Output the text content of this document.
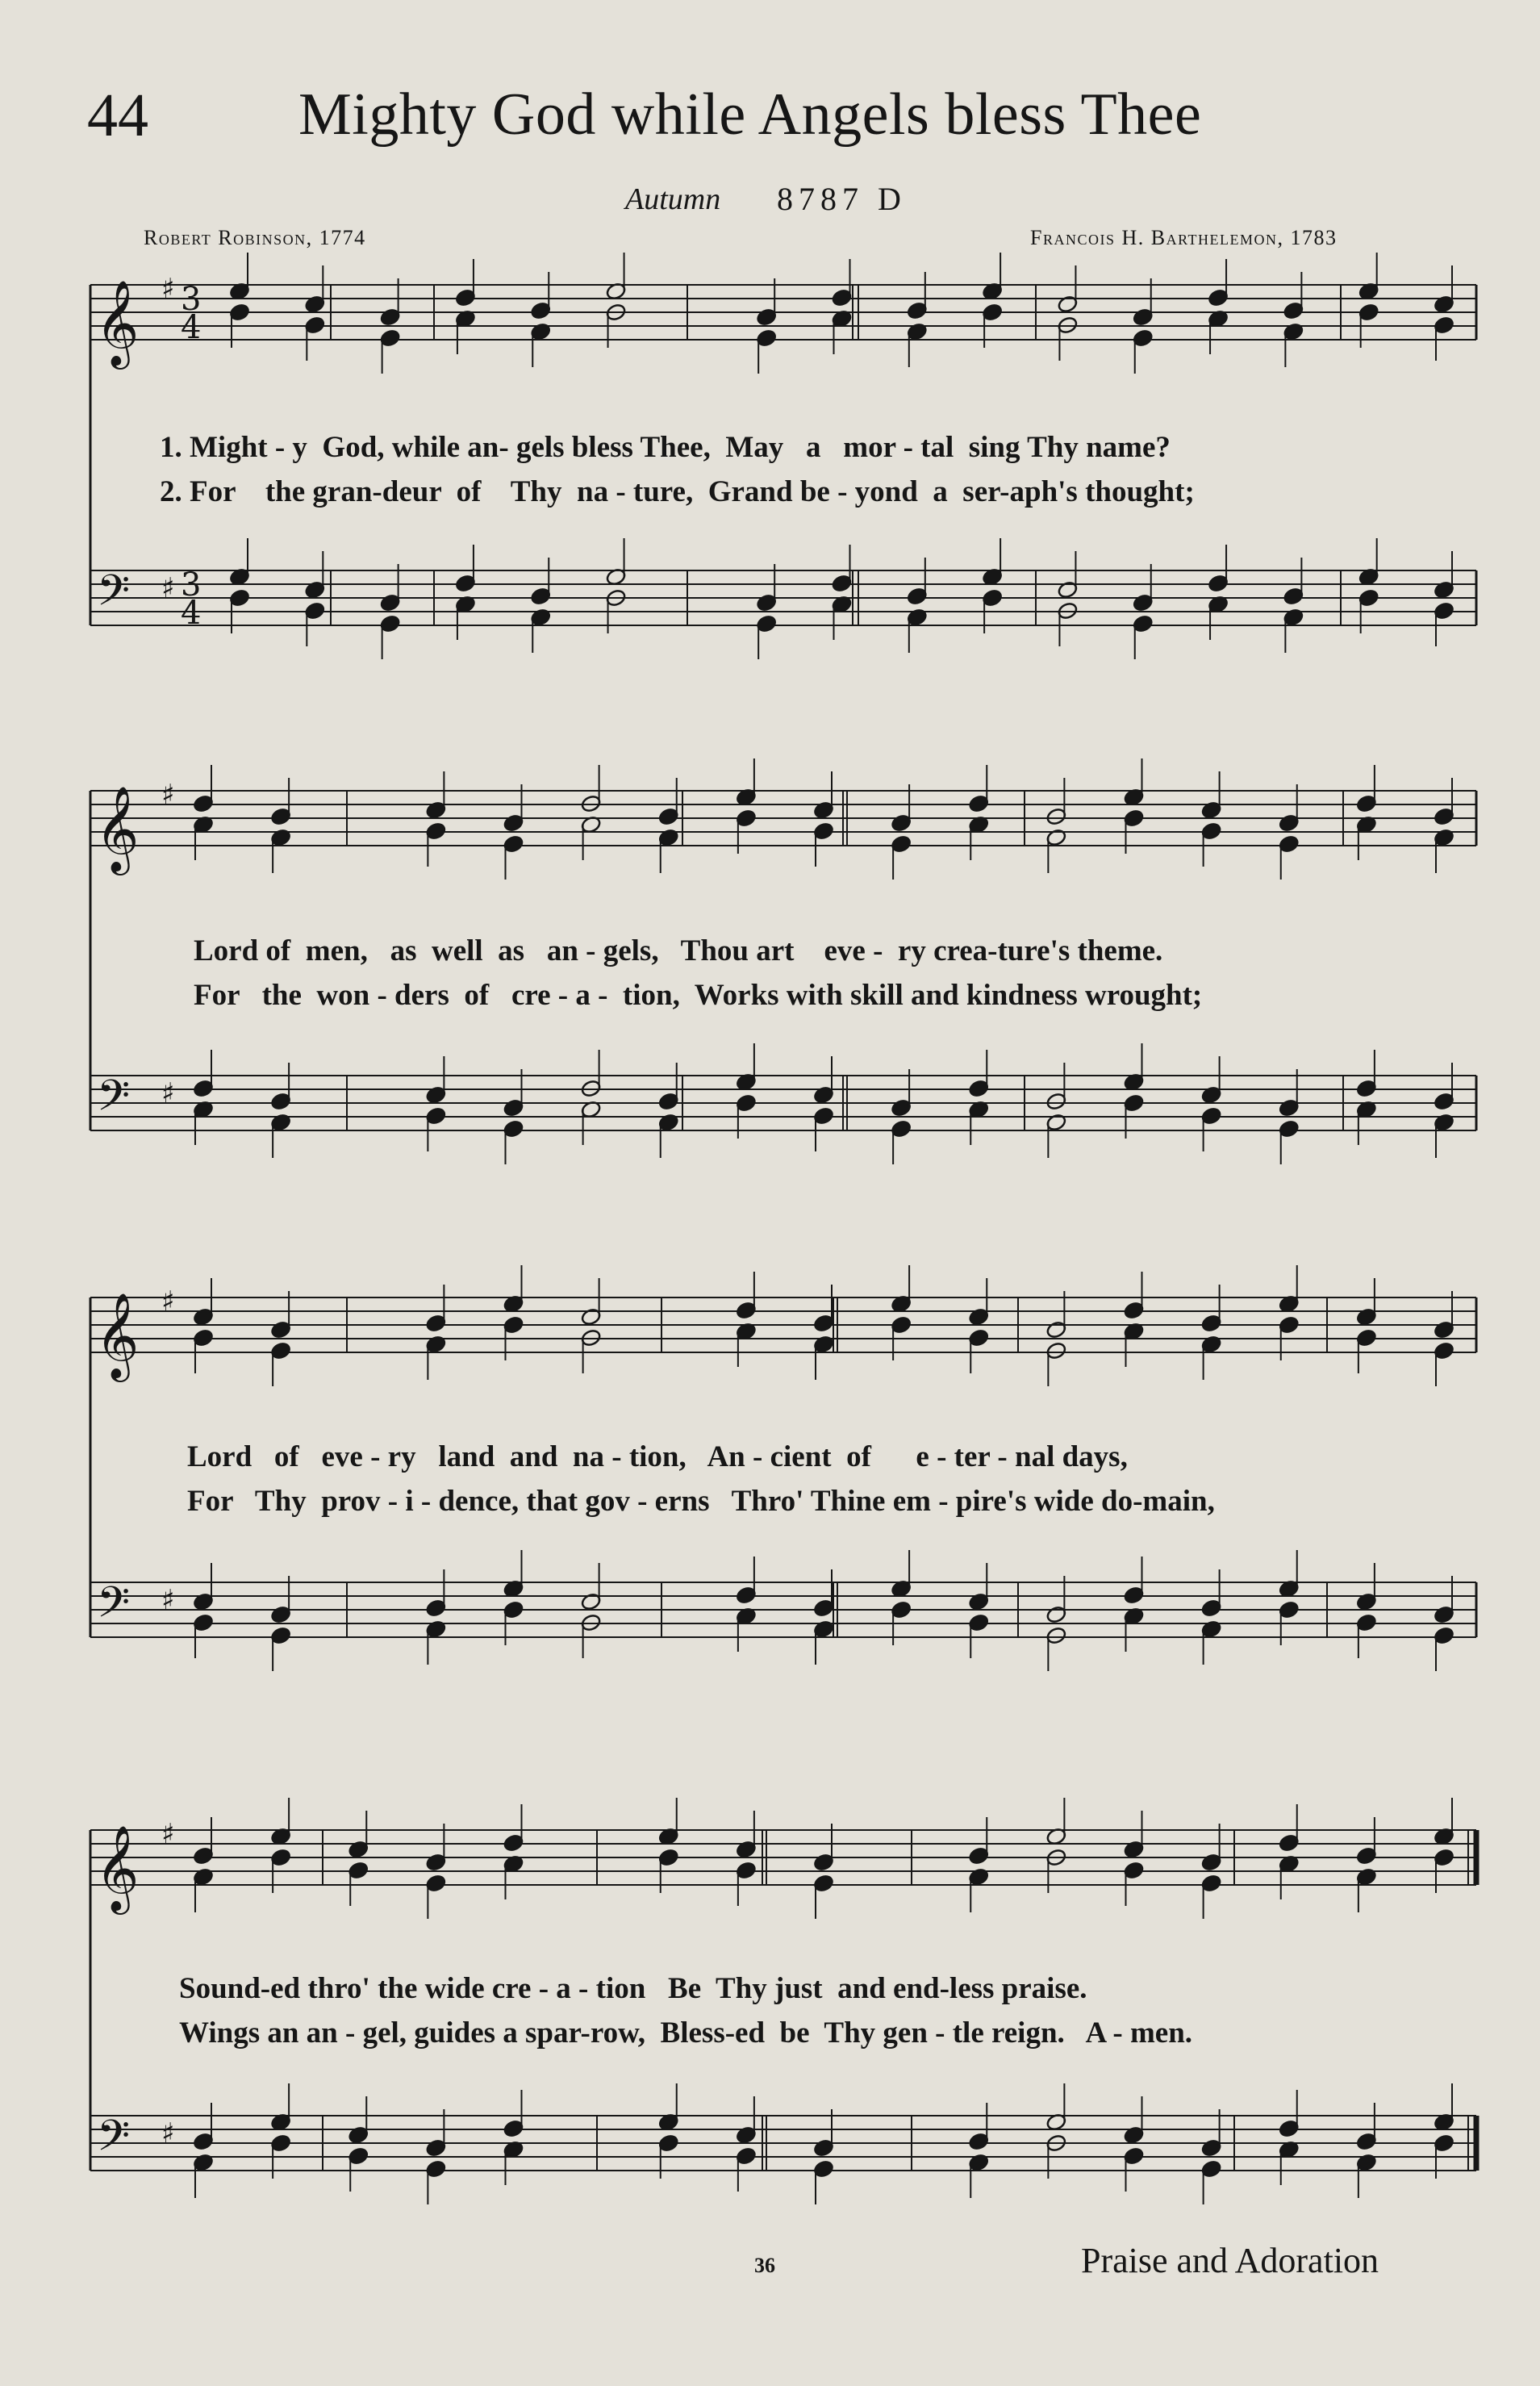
44	Mighty God while Angels bless Thee
Autumn 8787 D
Robert Robinson, 1774	Francois H. Barthelemon, 1783
𝄞 ♯ 3
4
𝄢 ♯ 3
4
𝄞 ♯
𝄢 ♯
𝄞 ♯
𝄢 ♯
𝄞 ♯
𝄢 ♯
1. Might - y  God, while an- gels bless Thee,  May   a   mor - tal  sing Thy name?
2. For    the gran-deur  of    Thy  na - ture,  Grand be - yond  a  ser-aph's thought;
Lord of  men,   as  well  as   an - gels,   Thou art    eve -  ry crea-ture's theme.
For   the  won - ders  of   cre - a -  tion,  Works with skill and kindness wrought;
Lord   of   eve - ry   land  and  na - tion,   An - cient  of      e - ter - nal days,
For   Thy  prov - i - dence, that gov - erns   Thro' Thine em - pire's wide do-main,
Sound-ed thro' the wide cre - a - tion   Be  Thy just  and end-less praise.
Wings an an - gel, guides a spar-row,  Bless-ed  be  Thy gen - tle reign.   A - men.
36	Praise and Adoration
